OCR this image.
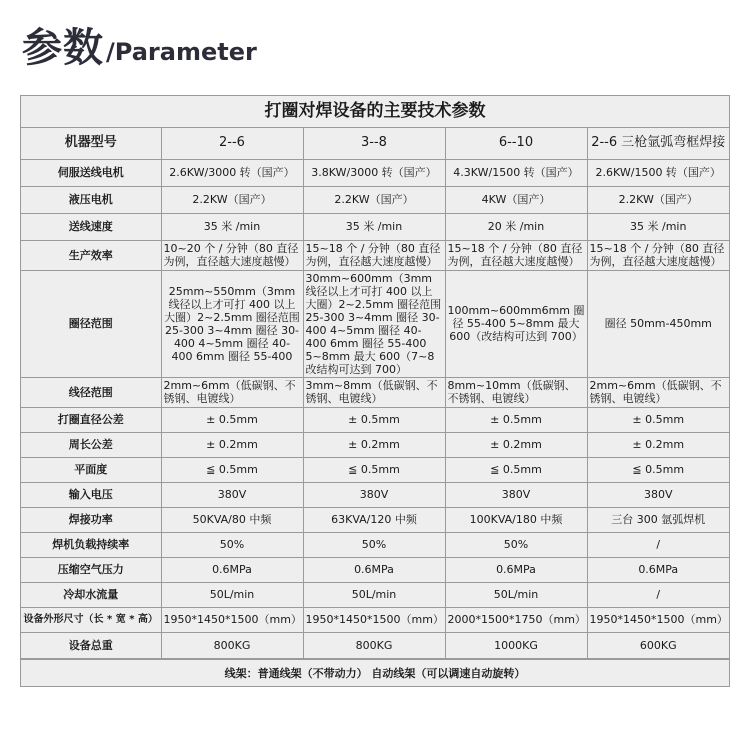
参数 /Parameter
打圈对焊设备的主要技术参数
机器型号	2--6	3--8	6--10	2--6 三枪氩弧弯框焊接
伺服送线电机	2.6KW/3000 转（国产）	3.8KW/3000 转（国产）	4.3KW/1500 转（国产）	2.6KW/1500 转（国产）
液压电机	2.2KW（国产）	2.2KW（国产）	4KW（国产）	2.2KW（国产）
送线速度	35 米 /min	35 米 /min	20 米 /min	35 米 /min
生产效率	10~20 个 / 分钟（80 直径为例，直径越大速度越慢）	15~18 个 / 分钟（80 直径为例，直径越大速度越慢）	15~18 个 / 分钟（80 直径为例，直径越大速度越慢）	15~18 个 / 分钟（80 直径为例，直径越大速度越慢）
圈径范围	25mm~550mm（3mm 线径以上才可打 400 以上大圈）2~2.5mm 圈径范围 25-300 3~4mm 圈径 30-400 4~5mm 圈径 40-400 6mm 圈径 55-400	30mm~600mm（3mm 线径以上才可打 400 以上大圈）2~2.5mm 圈径范围 25-300 3~4mm 圈径 30-400 4~5mm 圈径 40-400 6mm 圈径 55-400 5~8mm 最大 600（7~8 改结构可达到 700）	100mm~600mm6mm 圈径 55-400 5~8mm 最大 600（改结构可达到 700）	圈径 50mm-450mm
线径范围	2mm~6mm（低碳钢、不锈钢、电镀线）	3mm~8mm（低碳钢、不锈钢、电镀线）	8mm~10mm（低碳钢、不锈钢、电镀线）	2mm~6mm（低碳钢、不锈钢、电镀线）
打圈直径公差	± 0.5mm	± 0.5mm	± 0.5mm	± 0.5mm
周长公差	± 0.2mm	± 0.2mm	± 0.2mm	± 0.2mm
平面度	≦ 0.5mm	≦ 0.5mm	≦ 0.5mm	≦ 0.5mm
输入电压	380V	380V	380V	380V
焊接功率	50KVA/80 中频	63KVA/120 中频	100KVA/180 中频	三台 300 氩弧焊机
焊机负载持续率	50%	50%	50%	/
压缩空气压力	0.6MPa	0.6MPa	0.6MPa	0.6MPa
冷却水流量	50L/min	50L/min	50L/min	/
设备外形尺寸（长 * 宽 * 高）	1950*1450*1500（mm）	1950*1450*1500（mm）	2000*1500*1750（mm）	1950*1450*1500（mm）
设备总重	800KG	800KG	1000KG	600KG
线架：普通线架（不带动力） 自动线架（可以调速自动旋转）
